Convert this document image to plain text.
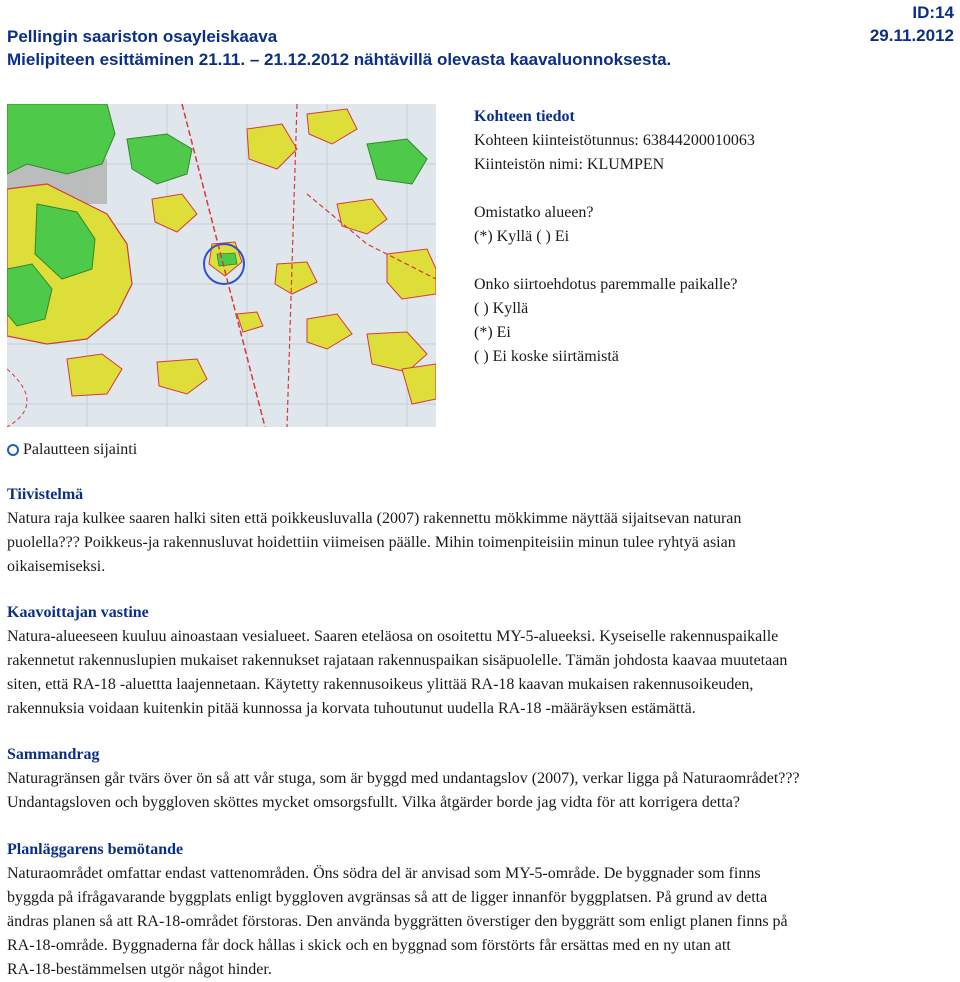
Pellingin saariston osayleiskaava
Mielipiteen esittäminen 21.11. – 21.12.2012 nähtävillä olevasta kaavaluonnoksesta.
ID:14
29.11.2012
Kohteen tiedot
Kohteen kiinteistötunnus: 63844200010063
Kiinteistön nimi: KLUMPEN
Omistatko alueen?
(*) Kyllä ( ) Ei
Onko siirtoehdotus paremmalle paikalle?
( ) Kyllä
(*) Ei
( ) Ei koske siirtämistä
Palautteen sijainti
Tiivistelmä

Natura raja kulkee saaren halki siten että poikkeusluvalla (2007) rakennettu mökkimme näyttää sijaitsevan naturan

puolella??? Poikkeus-ja rakennusluvat hoidettiin viimeisen päälle. Mihin toimenpiteisiin minun tulee ryhtyä asian

oikaisemiseksi.

Kaavoittajan vastine

Natura-alueeseen kuuluu ainoastaan vesialueet. Saaren eteläosa on osoitettu MY-5-alueeksi. Kyseiselle rakennuspaikalle

rakennetut rakennuslupien mukaiset rakennukset rajataan rakennuspaikan sisäpuolelle. Tämän johdosta kaavaa muutetaan

siten, että RA-18 -aluettta laajennetaan. Käytetty rakennusoikeus ylittää RA-18 kaavan mukaisen rakennusoikeuden,

rakennuksia voidaan kuitenkin pitää kunnossa ja korvata tuhoutunut uudella RA-18 -määräyksen estämättä.

Sammandrag

Naturagränsen går tvärs över ön så att vår stuga, som är byggd med undantagslov (2007), verkar ligga på Naturaområdet???

Undantagsloven och byggloven sköttes mycket omsorgsfullt. Vilka åtgärder borde jag vidta för att korrigera detta?

Planläggarens bemötande

Naturaområdet omfattar endast vattenområden. Öns södra del är anvisad som MY-5-område. De byggnader som finns

byggda på ifrågavarande byggplats enligt byggloven avgränsas så att de ligger innanför byggplatsen. På grund av detta

ändras planen så att RA-18-området förstoras. Den använda byggrätten överstiger den byggrätt som enligt planen finns på

RA-18-område. Byggnaderna får dock hållas i skick och en byggnad som förstörts får ersättas med en ny utan att

RA-18-bestämmelsen utgör något hinder.
